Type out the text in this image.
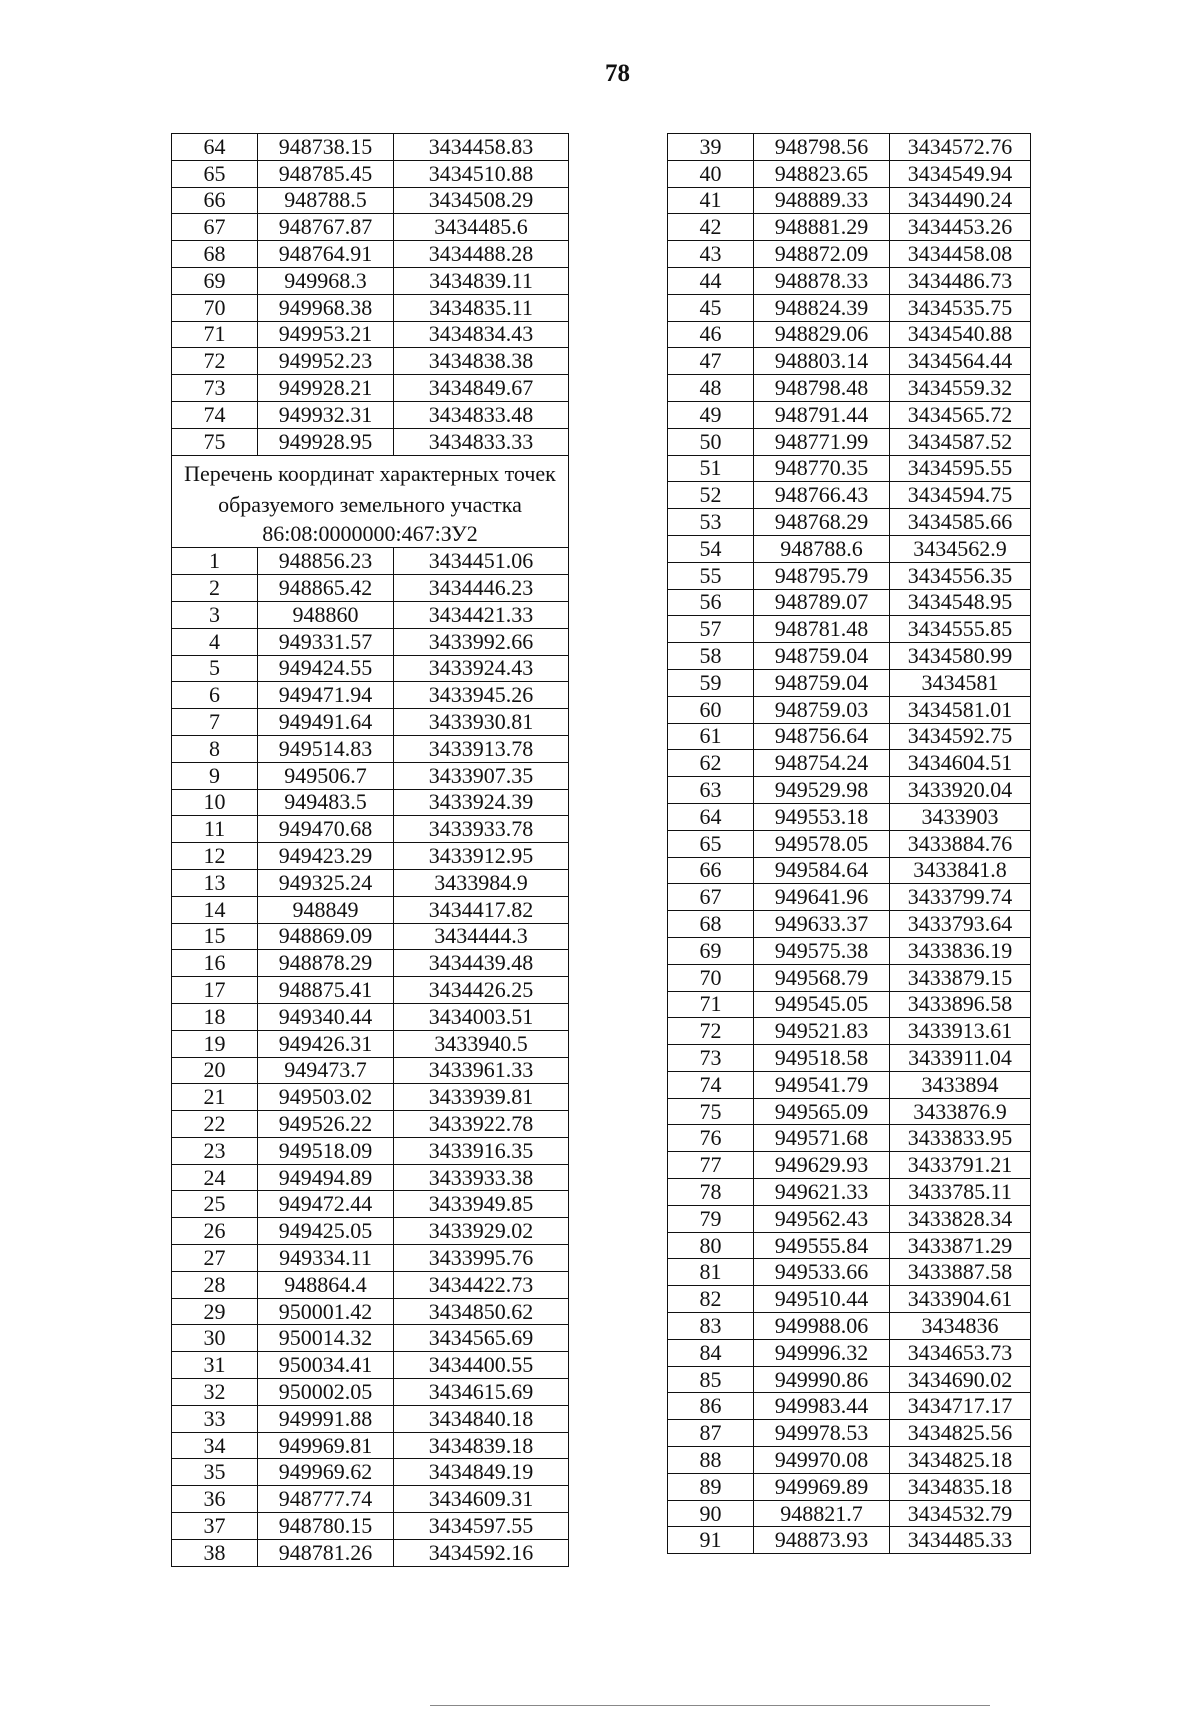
78
64	948738.15	3434458.83
65	948785.45	3434510.88
66	948788.5	3434508.29
67	948767.87	3434485.6
68	948764.91	3434488.28
69	949968.3	3434839.11
70	949968.38	3434835.11
71	949953.21	3434834.43
72	949952.23	3434838.38
73	949928.21	3434849.67
74	949932.31	3434833.48
75	949928.95	3434833.33
Перечень координат характерных точек образуемого земельного участка		
86:08:0000000:467:ЗУ2		
1	948856.23	3434451.06
2	948865.42	3434446.23
3	948860	3434421.33
4	949331.57	3433992.66
5	949424.55	3433924.43
6	949471.94	3433945.26
7	949491.64	3433930.81
8	949514.83	3433913.78
9	949506.7	3433907.35
10	949483.5	3433924.39
11	949470.68	3433933.78
12	949423.29	3433912.95
13	949325.24	3433984.9
14	948849	3434417.82
15	948869.09	3434444.3
16	948878.29	3434439.48
17	948875.41	3434426.25
18	949340.44	3434003.51
19	949426.31	3433940.5
20	949473.7	3433961.33
21	949503.02	3433939.81
22	949526.22	3433922.78
23	949518.09	3433916.35
24	949494.89	3433933.38
25	949472.44	3433949.85
26	949425.05	3433929.02
27	949334.11	3433995.76
28	948864.4	3434422.73
29	950001.42	3434850.62
30	950014.32	3434565.69
31	950034.41	3434400.55
32	950002.05	3434615.69
33	949991.88	3434840.18
34	949969.81	3434839.18
35	949969.62	3434849.19
36	948777.74	3434609.31
37	948780.15	3434597.55
38	948781.26	3434592.16
39	948798.56	3434572.76
40	948823.65	3434549.94
41	948889.33	3434490.24
42	948881.29	3434453.26
43	948872.09	3434458.08
44	948878.33	3434486.73
45	948824.39	3434535.75
46	948829.06	3434540.88
47	948803.14	3434564.44
48	948798.48	3434559.32
49	948791.44	3434565.72
50	948771.99	3434587.52
51	948770.35	3434595.55
52	948766.43	3434594.75
53	948768.29	3434585.66
54	948788.6	3434562.9
55	948795.79	3434556.35
56	948789.07	3434548.95
57	948781.48	3434555.85
58	948759.04	3434580.99
59	948759.04	3434581
60	948759.03	3434581.01
61	948756.64	3434592.75
62	948754.24	3434604.51
63	949529.98	3433920.04
64	949553.18	3433903
65	949578.05	3433884.76
66	949584.64	3433841.8
67	949641.96	3433799.74
68	949633.37	3433793.64
69	949575.38	3433836.19
70	949568.79	3433879.15
71	949545.05	3433896.58
72	949521.83	3433913.61
73	949518.58	3433911.04
74	949541.79	3433894
75	949565.09	3433876.9
76	949571.68	3433833.95
77	949629.93	3433791.21
78	949621.33	3433785.11
79	949562.43	3433828.34
80	949555.84	3433871.29
81	949533.66	3433887.58
82	949510.44	3433904.61
83	949988.06	3434836
84	949996.32	3434653.73
85	949990.86	3434690.02
86	949983.44	3434717.17
87	949978.53	3434825.56
88	949970.08	3434825.18
89	949969.89	3434835.18
90	948821.7	3434532.79
91	948873.93	3434485.33
